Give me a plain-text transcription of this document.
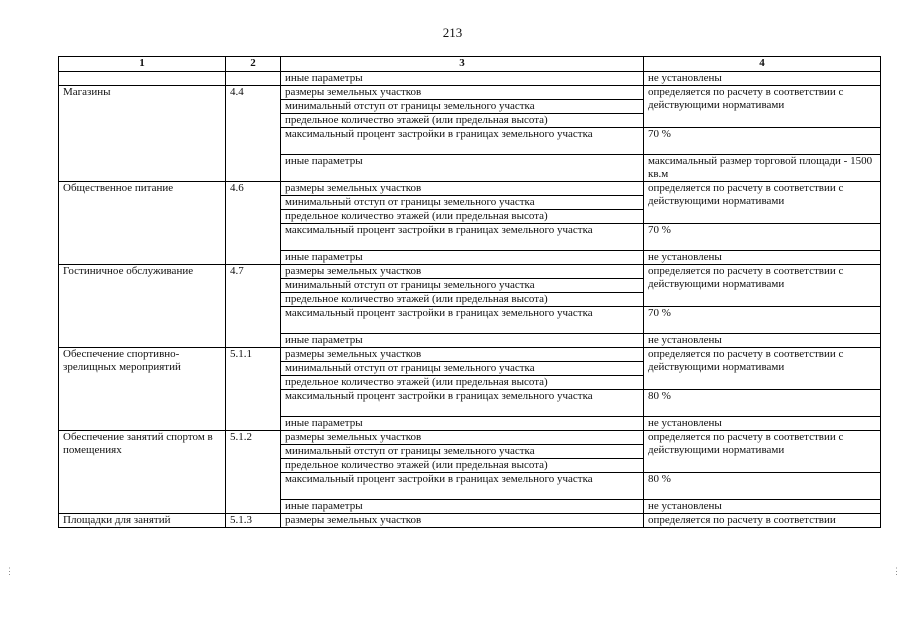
213
1	2	3	4
		иные параметры	не установлены
Магазины	4.4	размеры земельных участков	определяется по расчету в соответствии с действующими нормативами
		минимальный отступ от границы земельного участка	
		предельное количество этажей (или предельная высота)	
		максимальный процент застройки в границах земельного участка	70 %
		иные параметры	максимальный размер торговой площади - 1500 кв.м
Общественное питание	4.6	размеры земельных участков	определяется по расчету в соответствии с действующими нормативами
		минимальный отступ от границы земельного участка	
		предельное количество этажей (или предельная высота)	
		максимальный процент застройки в границах земельного участка	70 %
		иные параметры	не установлены
Гостиничное обслуживание	4.7	размеры земельных участков	определяется по расчету в соответствии с действующими нормативами
		минимальный отступ от границы земельного участка	
		предельное количество этажей (или предельная высота)	
		максимальный процент застройки в границах земельного участка	70 %
		иные параметры	не установлены
Обеспечение спортивно-зрелищных мероприятий	5.1.1	размеры земельных участков	определяется по расчету в соответствии с действующими нормативами
		минимальный отступ от границы земельного участка	
		предельное количество этажей (или предельная высота)	
		максимальный процент застройки в границах земельного участка	80 %
		иные параметры	не установлены
Обеспечение занятий спортом в помещениях	5.1.2	размеры земельных участков	определяется по расчету в соответствии с действующими нормативами
		минимальный отступ от границы земельного участка	
		предельное количество этажей (или предельная высота)	
		максимальный процент застройки в границах земельного участка	80 %
		иные параметры	не установлены
Площадки для занятий	5.1.3	размеры земельных участков	определяется по расчету в соответствии
⋮	⋮
